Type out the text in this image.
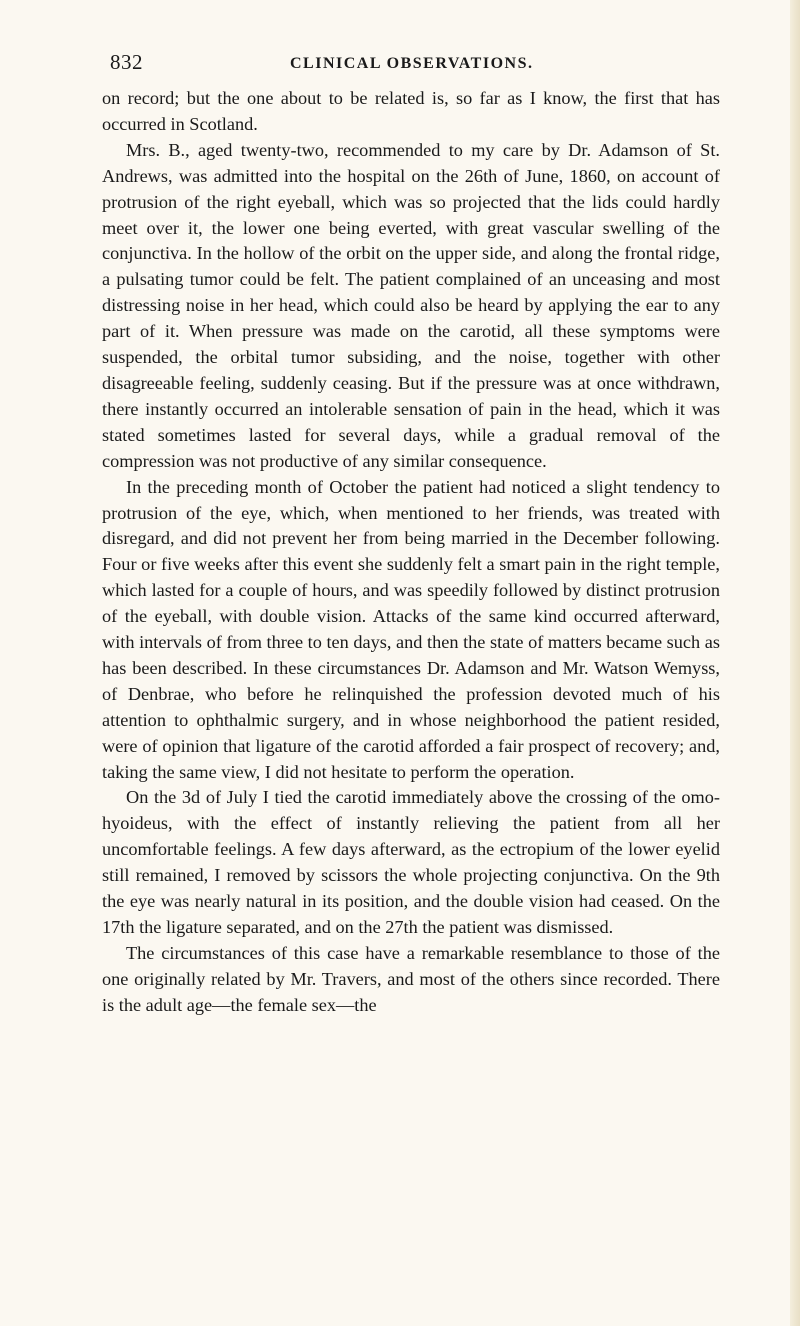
832	CLINICAL OBSERVATIONS.

on record; but the one about to be related is, so far as I know, the first that has occurred in Scotland.

Mrs. B., aged twenty-two, recommended to my care by Dr. Adamson of St. Andrews, was admitted into the hospital on the 26th of June, 1860, on account of protrusion of the right eyeball, which was so projected that the lids could hardly meet over it, the lower one being everted, with great vascular swelling of the conjunctiva. In the hollow of the orbit on the upper side, and along the frontal ridge, a pulsating tumor could be felt. The patient complained of an unceasing and most distressing noise in her head, which could also be heard by applying the ear to any part of it. When pressure was made on the carotid, all these symptoms were suspended, the orbital tumor subsiding, and the noise, together with other disagreeable feeling, suddenly ceasing. But if the pressure was at once withdrawn, there instantly occurred an intolerable sensation of pain in the head, which it was stated sometimes lasted for several days, while a gradual removal of the compression was not productive of any similar consequence.

In the preceding month of October the patient had noticed a slight tendency to protrusion of the eye, which, when mentioned to her friends, was treated with disregard, and did not prevent her from being married in the December following. Four or five weeks after this event she suddenly felt a smart pain in the right temple, which lasted for a couple of hours, and was speedily followed by distinct protrusion of the eyeball, with double vision. Attacks of the same kind occurred afterward, with intervals of from three to ten days, and then the state of matters became such as has been described. In these circumstances Dr. Adamson and Mr. Watson Wemyss, of Denbrae, who before he relinquished the profession devoted much of his attention to ophthalmic surgery, and in whose neighborhood the patient resided, were of opinion that ligature of the carotid afforded a fair prospect of recovery; and, taking the same view, I did not hesitate to perform the operation.

On the 3d of July I tied the carotid immediately above the crossing of the omo-hyoideus, with the effect of instantly relieving the patient from all her uncomfortable feelings. A few days afterward, as the ectropium of the lower eyelid still remained, I removed by scissors the whole projecting conjunctiva. On the 9th the eye was nearly natural in its position, and the double vision had ceased. On the 17th the ligature separated, and on the 27th the patient was dismissed.

The circumstances of this case have a remarkable resemblance to those of the one originally related by Mr. Travers, and most of the others since recorded. There is the adult age—the female sex—the
